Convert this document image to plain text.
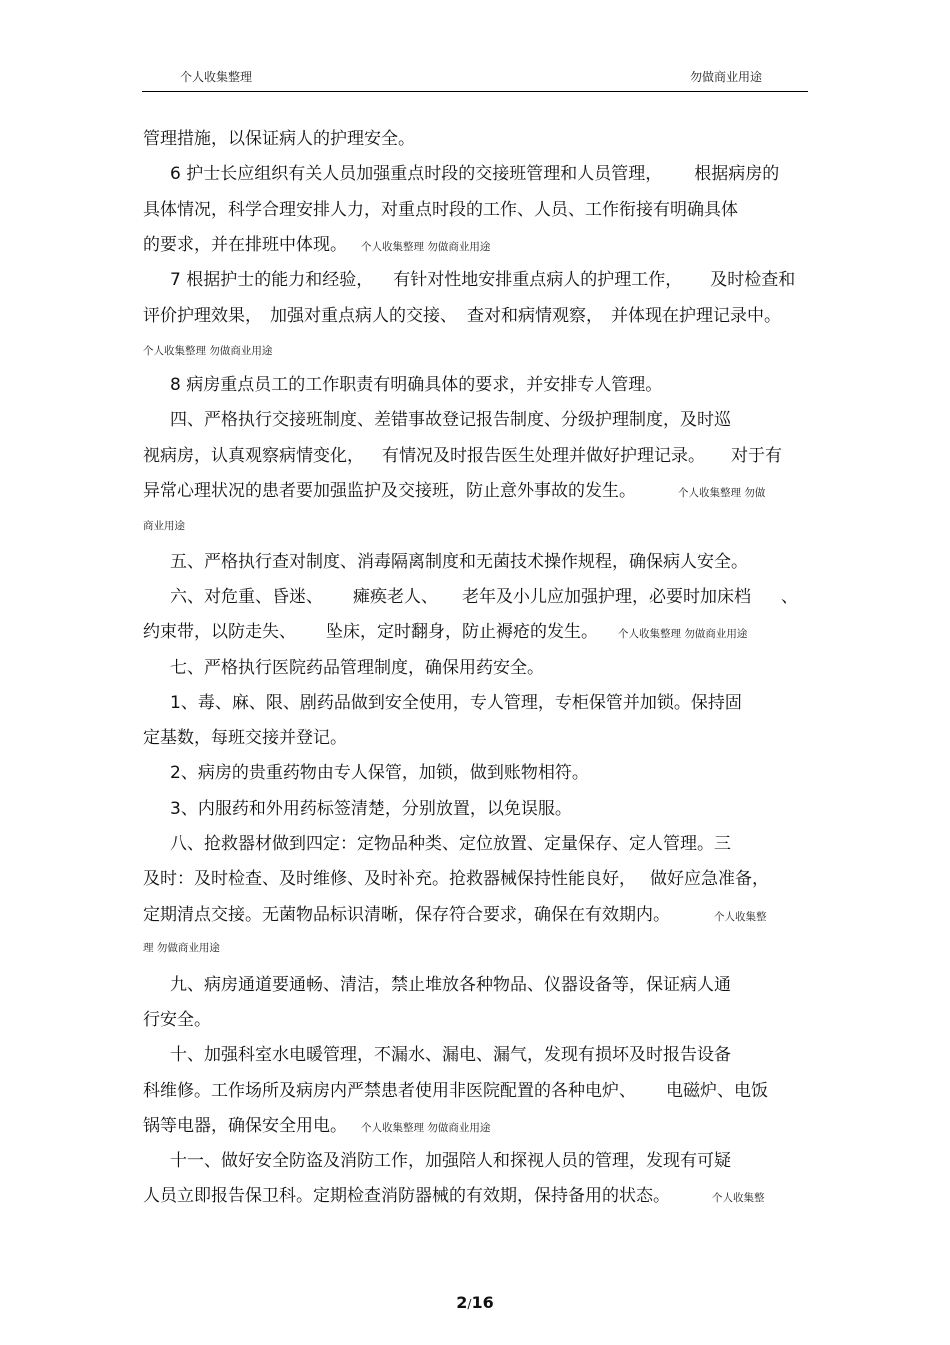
个人收集整理	勿做商业用途
管理措施，以保证病人的护理安全。
6 护士长应组织有关人员加强重点时段的交接班管理和人员管理， 根据病房的
具体情况，科学合理安排人力，对重点时段的工作、人员、工作衔接有明确具体
的要求，并在排班中体现。 个人收集整理 勿做商业用途
7 根据护士的能力和经验， 有针对性地安排重点病人的护理工作， 及时检查和
评价护理效果， 加强对重点病人的交接、 查对和病情观察， 并体现在护理记录中。
个人收集整理 勿做商业用途
8 病房重点员工的工作职责有明确具体的要求，并安排专人管理。
四、严格执行交接班制度、差错事故登记报告制度、分级护理制度，及时巡
视病房，认真观察病情变化， 有情况及时报告医生处理并做好护理记录。 对于有
异常心理状况的患者要加强监护及交接班，防止意外事故的发生。	个人收集整理 勿做
商业用途
五、严格执行查对制度、消毒隔离制度和无菌技术操作规程，确保病人安全。
六、对危重、昏迷、 瘫痪老人、 老年及小儿应加强护理，必要时加床档 、
约束带，以防走失、 坠床，定时翻身，防止褥疮的发生。 个人收集整理 勿做商业用途
七、严格执行医院药品管理制度，确保用药安全。
1、毒、麻、限、剧药品做到安全使用，专人管理，专柜保管并加锁。保持固
定基数，每班交接并登记。
2、病房的贵重药物由专人保管，加锁，做到账物相符。
3、内服药和外用药标签清楚，分别放置，以免误服。
八、抢救器材做到四定：定物品种类、定位放置、定量保存、定人管理。三
及时：及时检查、及时维修、及时补充。抢救器械保持性能良好， 做好应急准备，
定期清点交接。无菌物品标识清晰，保存符合要求，确保在有效期内。	个人收集整
理 勿做商业用途
九、病房通道要通畅、清洁，禁止堆放各种物品、仪器设备等，保证病人通
行安全。
十、加强科室水电暖管理，不漏水、漏电、漏气，发现有损坏及时报告设备
科维修。工作场所及病房内严禁患者使用非医院配置的各种电炉、 电磁炉、电饭
锅等电器，确保安全用电。 个人收集整理 勿做商业用途
十一、做好安全防盗及消防工作，加强陪人和探视人员的管理，发现有可疑
人员立即报告保卫科。定期检查消防器械的有效期，保持备用的状态。	个人收集整
2/16
